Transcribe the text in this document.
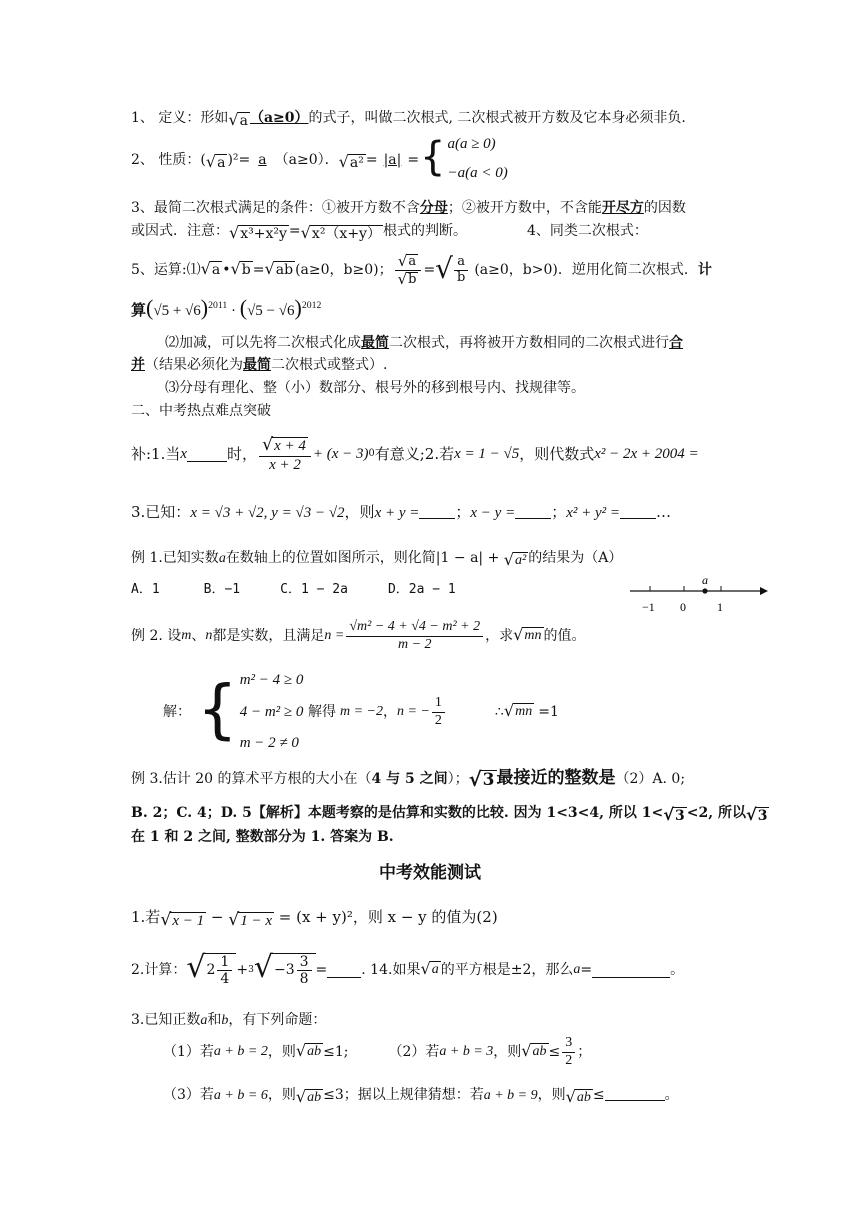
1、 定义：形如 √ a （a≥0）的式子，叫做二次根式, 二次根式被开方数及它本身必须非负.
2、 性质：( √ a )²= a （a≥0）． √ a² = |a| = { a(a ≥ 0)
−a(a < 0)
3、最简二次根式满足的条件：①被开方数不含分母；②被开方数中，不含能开尽方的因数
或因式．注意： √ x³+x²y = √ x²（x+y） 根式的判断。	4、同类二次根式：
5、运算:⑴ √ a • √ b = √ ab (a≥0，b≥0)； $\frac{√ a}{√ b}$ = √ $\frac{a}{b} (a\ge 0$，b>0)．逆用化简二次根式． 计
算$(√5 + √6)^{2011} \cdot (√5 - √6)^{2012}$
⑵加减，可以先将二次根式化成最简二次根式，再将被开方数相同的二次根式进行合
并（结果必须化为最简二次根式或整式）.
⑶分母有理化、整（小）数部分、根号外的移到根号内、找规律等。
二、中考热点难点突破
补:1.当 x	时， $\frac{√ x + 4}{x + 2} + (x - 3)$ 0 有意义;2.若 x = 1 − √5 ，则代数式 x² − 2x + 2004 =
3.已知：x = √3 + √2, y = √3 − √2，则x + y = ；x − y = ；x² + y² = …
例 1.已知实数a在数轴上的位置如图所示，则化简|1 − a| + √ a² 的结果为（A）
A．1	B．−1	C．1 − 2a	D．2a − 1
a
−1 0	1
例 2. 设 m 、 n 都是实数，且满足 $n = \frac{\text{√m² − 4 + √4 − m² + 2}}{m - 2}$ ，求 √ mn 的值。
解： { m² − 4 ≥ 0
4 − m² ≥ 0
m − 2 ≠ 0
解得 m = −2 ， n = − $\frac{1}{2}$	∴ √ mn =1
例 3.估计 20 的算术平方根的大小在（4 与 5 之间）； √ 3 最接近的整数是（2）A. 0;
B. 2；C. 4；D. 5【解析】本题考察的是估算和实数的比较. 因为 1<3<4, 所以 1< √ 3 <2, 所以 √ 3
在 1 和 2 之间, 整数部分为 1. 答案为 B.
中考效能测试
1.若 √ x − 1 − √ 1 − x = (x + y)²，则 x − y 的值为(2)
2.计算： √ $2 \frac{1}{4} + 3$ √ $-3 \frac{3}{8}$ = . 14.如果 √ a 的平方根是±2，那么 a =	。
3.已知正数a和b，有下列命题：
（1）若 a + b = 2 ，则 √ ab ≤1;	（2）若 a + b = 3 ，则 √ ab ≤ $\frac{3}{2}$ ；
（3）若a + b = 6，则 √ ab ≤3；据以上规律猜想：若a + b = 9，则 √ ab ≤	。
